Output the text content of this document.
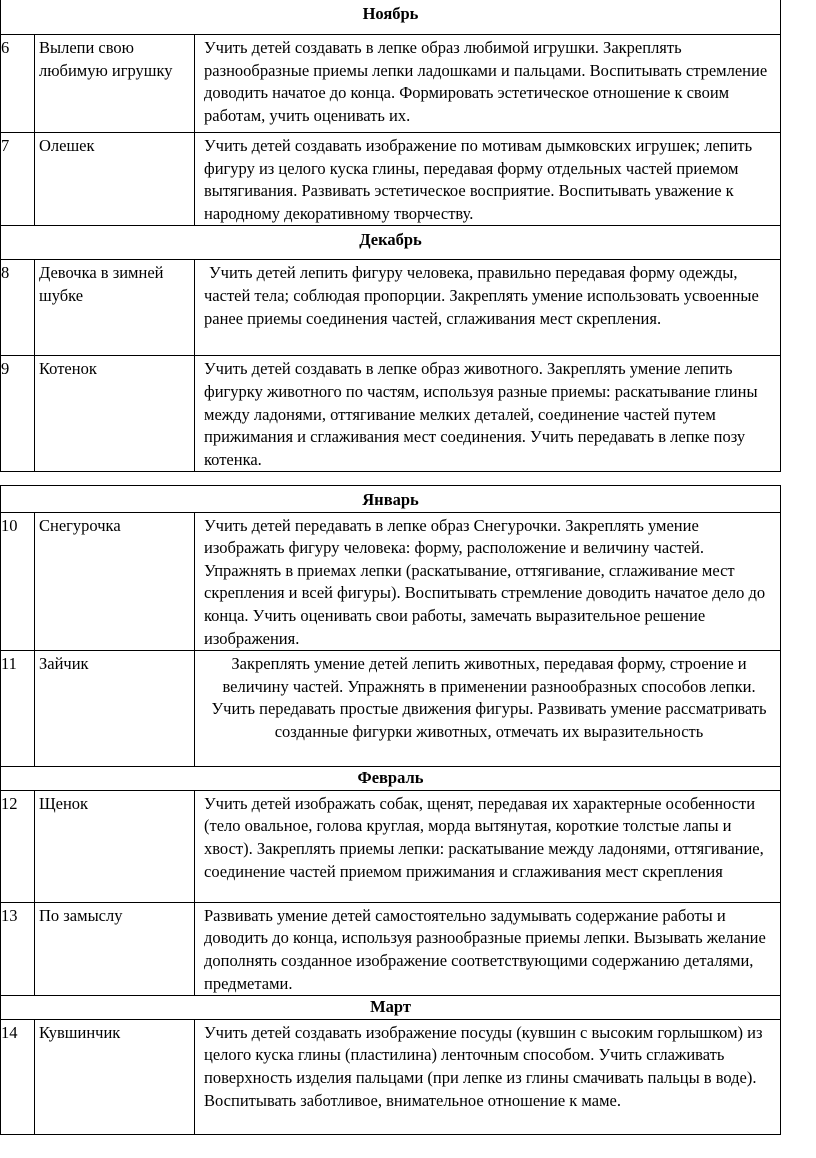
Ноябрь		
6	Вылепи свою любимую игрушку	Учить детей создавать в лепке образ любимой игрушки. Закреплять разнообразные приемы лепки ладошками и пальцами. Воспитывать стремление доводить начатое до конца. Формировать эстетическое отношение к своим работам, учить оценивать их.
7	Олешек	Учить детей создавать изображение по мотивам дымковских игрушек; лепить фигуру из целого куска глины, передавая форму отдельных частей приемом вытягивания. Развивать эстетическое восприятие. Воспитывать уважение к народному декоративному творчеству.
Декабрь		
8	Девочка в зимней шубке	Учить детей лепить фигуру человека, правильно передавая форму одежды, частей тела; соблюдая пропорции. Закреплять умение использовать усвоенные ранее приемы соединения частей, сглаживания мест скрепления.
9	Котенок	Учить детей создавать в лепке образ животного. Закреплять умение лепить фигурку животного по частям, используя разные приемы: раскатывание глины между ладонями, оттягивание мелких деталей, соединение частей путем прижимания и сглаживания мест соединения. Учить передавать в лепке позу котенка.
Январь		
10	Снегурочка	Учить детей передавать в лепке образ Снегурочки. Закреплять умение изображать фигуру человека: форму, расположение и величину частей. Упражнять в приемах лепки (раскатывание, оттягивание, сглаживание мест скрепления и всей фигуры). Воспитывать стремление доводить начатое дело до конца. Учить оценивать свои работы, замечать выразительное решение изображения.
11	Зайчик	Закреплять умение детей лепить животных, передавая форму, строение и величину частей. Упражнять в применении разнообразных способов лепки. Учить передавать простые движения фигуры. Развивать умение рассматривать созданные фигурки животных, отмечать их выразительность
Февраль		
12	Щенок	Учить детей изображать собак, щенят, передавая их характерные особенности (тело овальное, голова круглая, морда вытянутая, короткие толстые лапы и хвост). Закреплять приемы лепки: раскатывание между ладонями, оттягивание, соединение частей приемом прижимания и сглаживания мест скрепления
13	По замыслу	Развивать умение детей самостоятельно задумывать содержание работы и доводить до конца, используя разнообразные приемы лепки. Вызывать желание дополнять созданное изображение соответствующими содержанию деталями, предметами.
Март		
14	Кувшинчик	Учить детей создавать изображение посуды (кувшин с высоким горлышком) из целого куска глины (пластилина) ленточным способом. Учить сглаживать поверхность изделия пальцами (при лепке из глины смачивать пальцы в воде). Воспитывать заботливое, внимательное отношение к маме.
